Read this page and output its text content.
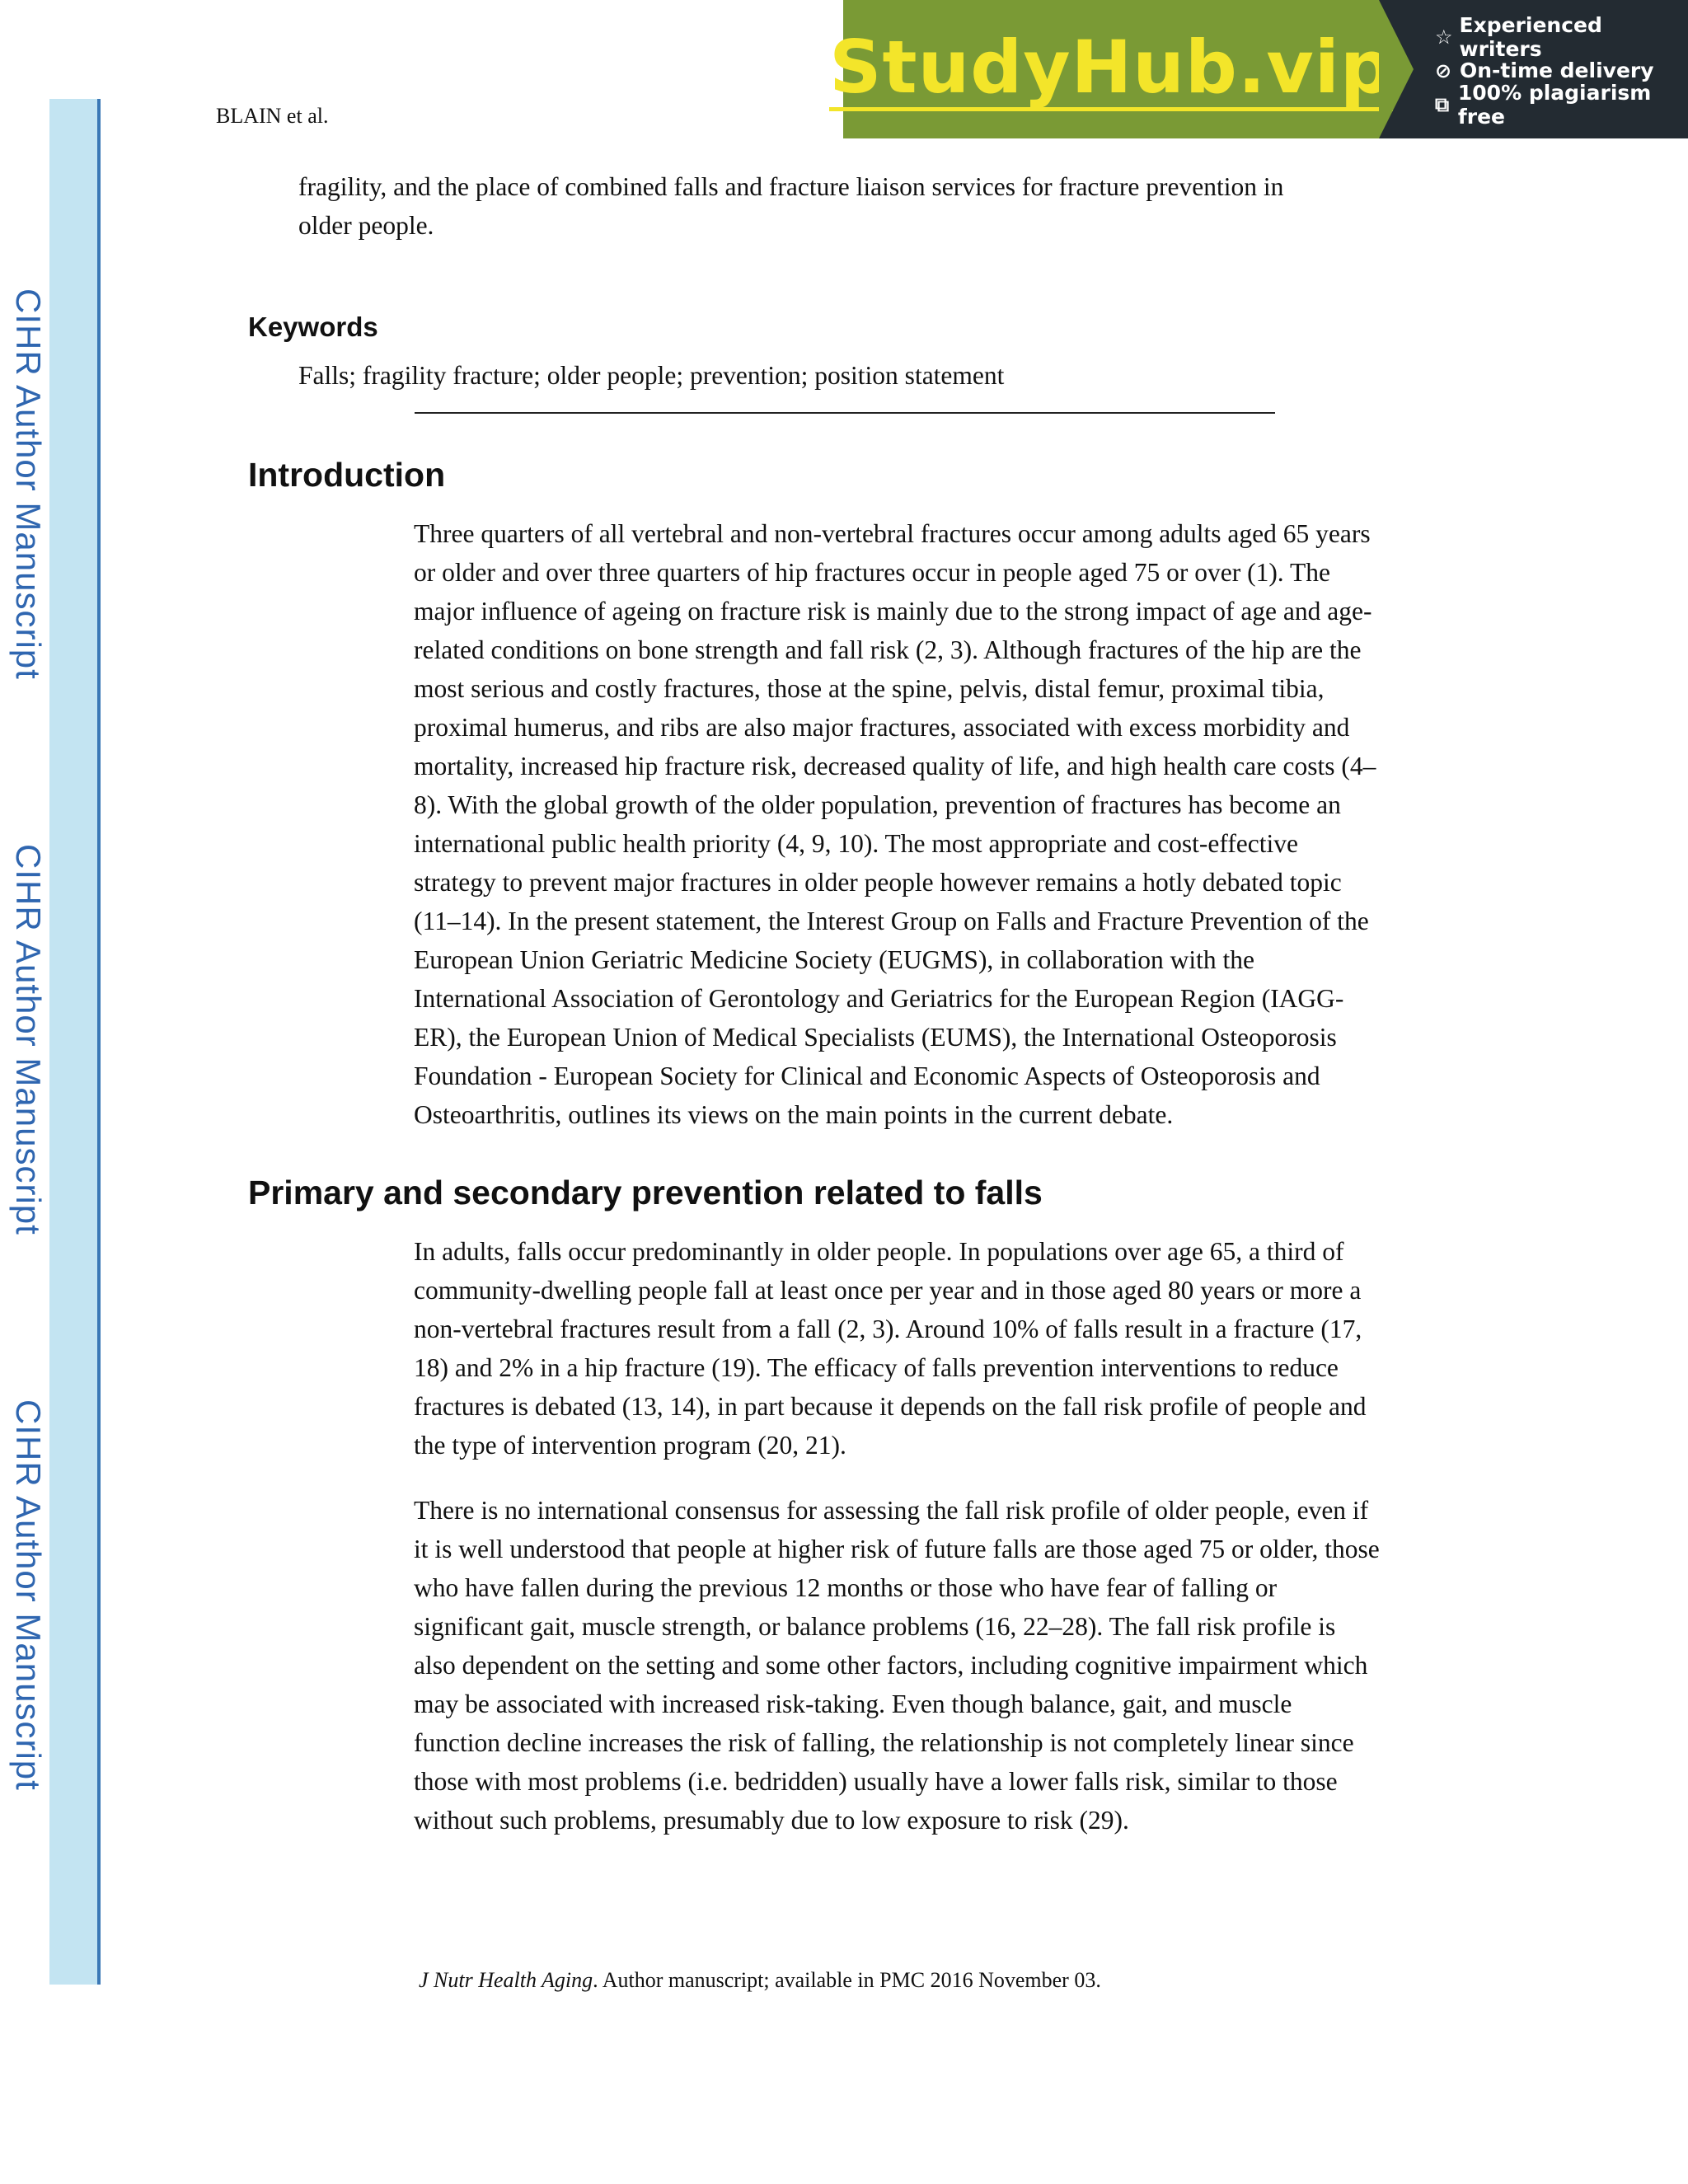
CIHR Author Manuscript
CIHR Author Manuscript
CIHR Author Manuscript
BLAIN et al.
StudyHub.vip ☆ Experienced writers
⊘ On-time delivery
⧉ 100% plagiarism free
fragility, and the place of combined falls and fracture liaison services for fracture prevention in
older people.
Keywords
Falls; fragility fracture; older people; prevention; position statement
Introduction
Three quarters of all vertebral and non-vertebral fractures occur among adults aged 65 years
or older and over three quarters of hip fractures occur in people aged 75 or over (1). The
major influence of ageing on fracture risk is mainly due to the strong impact of age and age-
related conditions on bone strength and fall risk (2, 3). Although fractures of the hip are the
most serious and costly fractures, those at the spine, pelvis, distal femur, proximal tibia,
proximal humerus, and ribs are also major fractures, associated with excess morbidity and
mortality, increased hip fracture risk, decreased quality of life, and high health care costs (4–
8). With the global growth of the older population, prevention of fractures has become an
international public health priority (4, 9, 10). The most appropriate and cost-effective
strategy to prevent major fractures in older people however remains a hotly debated topic
(11–14). In the present statement, the Interest Group on Falls and Fracture Prevention of the
European Union Geriatric Medicine Society (EUGMS), in collaboration with the
International Association of Gerontology and Geriatrics for the European Region (IAGG-
ER), the European Union of Medical Specialists (EUMS), the International Osteoporosis
Foundation - European Society for Clinical and Economic Aspects of Osteoporosis and
Osteoarthritis, outlines its views on the main points in the current debate.
Primary and secondary prevention related to falls
In adults, falls occur predominantly in older people. In populations over age 65, a third of
community-dwelling people fall at least once per year and in those aged 80 years or more a
non-vertebral fractures result from a fall (2, 3). Around 10% of falls result in a fracture (17,
18) and 2% in a hip fracture (19). The efficacy of falls prevention interventions to reduce
fractures is debated (13, 14), in part because it depends on the fall risk profile of people and
the type of intervention program (20, 21).
There is no international consensus for assessing the fall risk profile of older people, even if
it is well understood that people at higher risk of future falls are those aged 75 or older, those
who have fallen during the previous 12 months or those who have fear of falling or
significant gait, muscle strength, or balance problems (16, 22–28). The fall risk profile is
also dependent on the setting and some other factors, including cognitive impairment which
may be associated with increased risk-taking. Even though balance, gait, and muscle
function decline increases the risk of falling, the relationship is not completely linear since
those with most problems (i.e. bedridden) usually have a lower falls risk, similar to those
without such problems, presumably due to low exposure to risk (29).
J Nutr Health Aging. Author manuscript; available in PMC 2016 November 03.
